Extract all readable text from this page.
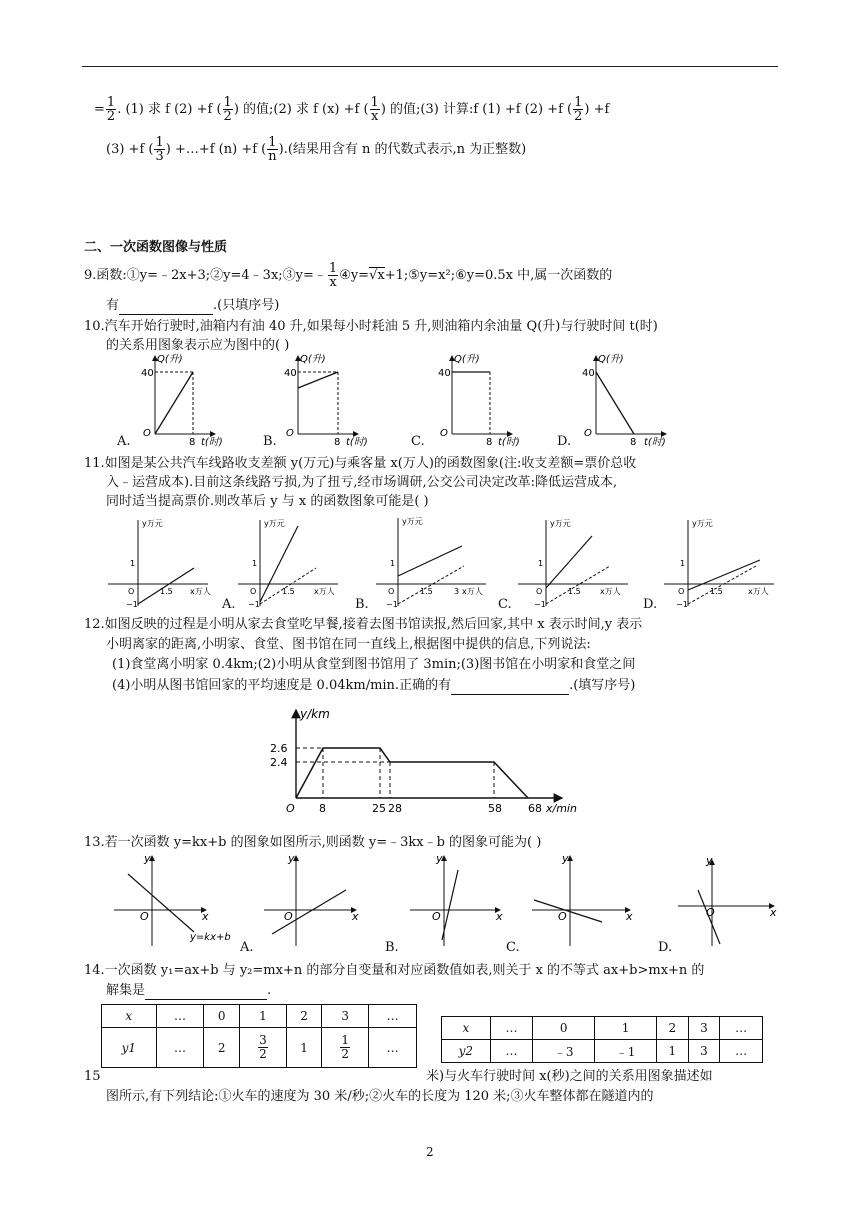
= $\frac{1}{2}$ . (1) 求 f (2) +f ( $\frac{1}{2}$ ) 的值;(2) 求 f (x) +f ( $\frac{1}{x}$ ) 的值;(3) 计算:f (1) +f (2) +f ( $\frac{1}{2}$ ) +f
(3) +f ( $\frac{1}{3}$ ) +…+f (n) +f ( $\frac{1}{n}$ ).(结果用含有 n 的代数式表示,n 为正整数)
二、一次函数图像与性质
9.函数:①y=﹣2x+3;②y=4﹣3x;③y=﹣ $\frac{1}{x}$ ④y=√x+1;⑤y=x²;⑥y=0.5x 中,属一次函数的
有	.(只填序号)
10.汽车开始行驶时,油箱内有油 40 升,如果每小时耗油 5 升,则油箱内余油量 Q(升)与行驶时间 t(时)
的关系用图象表示应为图中的( )
Q(升)
40
O
8 t(时)
Q(升)
40
O
8 t(时)
Q(升)
40
O
8 t(时)
Q(升)
40
O
8 t(时)
A.	B.	C.	D.
11.如图是某公共汽车线路收支差额 y(万元)与乘客量 x(万人)的函数图象(注:收支差额=票价总收
入﹣运营成本).目前这条线路亏损,为了扭亏,经市场调研,公交公司决定改革:降低运营成本,
同时适当提高票价.则改革后 y 与 x 的函数图象可能是( )
y万元
1
O
−1
1.5 x万人
y万元
1
O
−1
1.5 x万人
y万元
1
O
−1
1.5	3 x万人
y万元
1
O
−1
1.5 x万人
y万元
1
O
−1
1.5	x万人
A.	B.	C.	D.
12.如图反映的过程是小明从家去食堂吃早餐,接着去图书馆读报,然后回家,其中 x 表示时间,y 表示
小明离家的距离,小明家、食堂、图书馆在同一直线上,根据图中提供的信息,下列说法:
(1)食堂离小明家 0.4km;(2)小明从食堂到图书馆用了 3min;(3)图书馆在小明家和食堂之间
(4)小明从图书馆回家的平均速度是 0.04km/min.正确的有	.(填写序号)
y/km
2.6
2.4
O 8	25 28	58 68 x/min
13.若一次函数 y=kx+b 的图象如图所示,则函数 y=﹣3kx﹣b 的图象可能为( )
y
O	x
y=kx+b
y
O	x
y
O	x
y
O	x
y
O	x
A.	B.	C.	D.
14.一次函数 y₁=ax+b 与 y₂=mx+n 的部分自变量和对应函数值如表,则关于 x 的不等式 ax+b>mx+n 的
解集是	.
x	…	0	1	2	3	…
y1	…	2	$\frac{3}{2}$	1	$\frac{1}{2}$	…
x	…	0	1	2	3	…
y2	…	﹣3	﹣1	1	3	…
15	米)与火车行驶时间 x(秒)之间的关系用图象描述如
图所示,有下列结论:①火车的速度为 30 米/秒;②火车的长度为 120 米;③火车整体都在隧道内的
2
